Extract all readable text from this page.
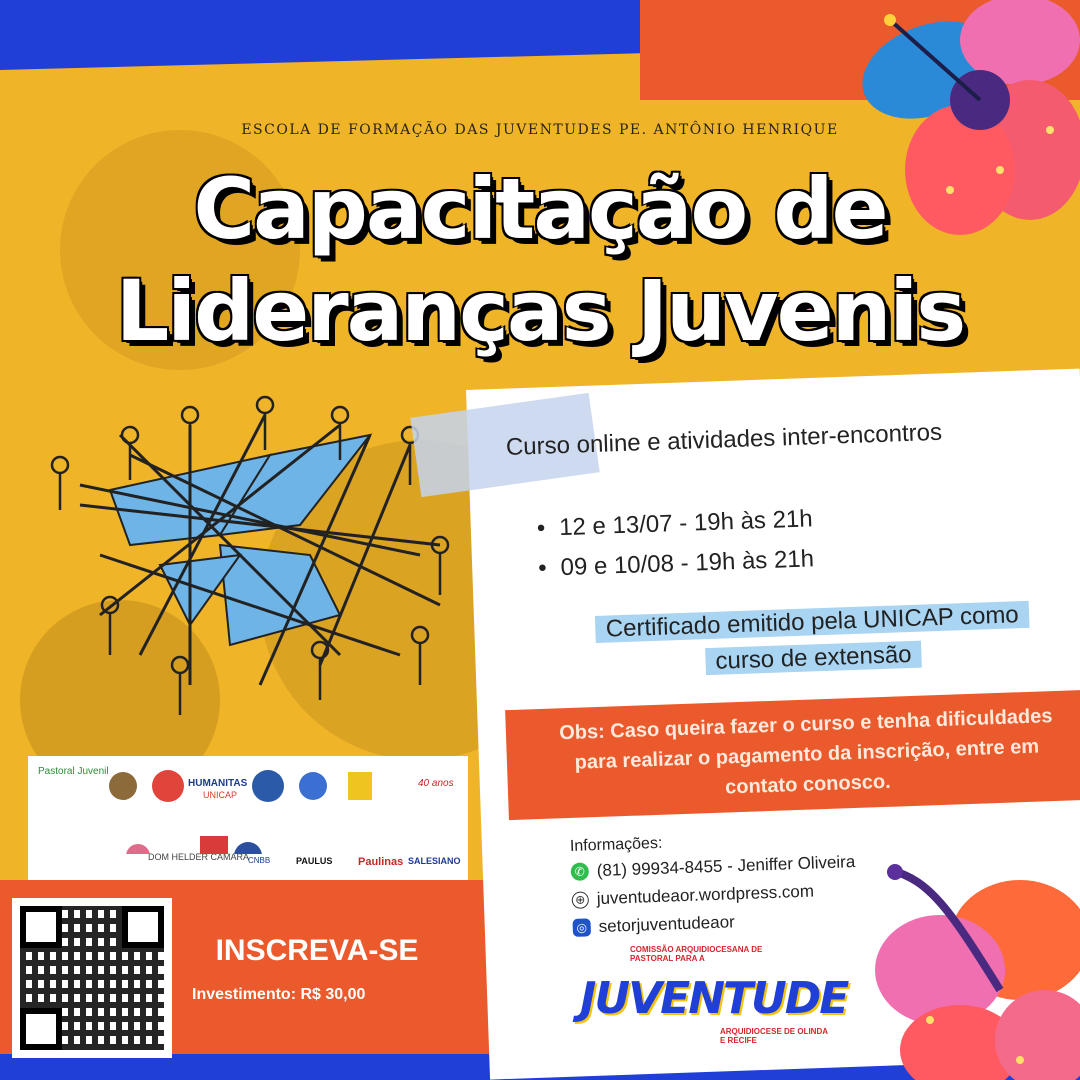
ESCOLA DE FORMAÇÃO DAS JUVENTUDES PE. ANTÔNIO HENRIQUE
Capacitação de
Lideranças Juvenis
Curso online e atividades inter-encontros
• 12 e 13/07 - 19h às 21h
• 09 e 10/08 - 19h às 21h
Certificado emitido pela UNICAP como
curso de extensão
Obs: Caso queira fazer o curso e tenha dificuldades para realizar o pagamento da inscrição, entre em contato conosco.
Informações:
✆ (81) 99934-8455 - Jeniffer Oliveira
⊕ juventudeaor.wordpress.com
◎ setorjuventudeaor
Pastoral Juvenil
HUMANITAS
UNICAP
40 anos
DOM HELDER CAMARA
CNBB	PAULUS Paulinas SALESIANO
INSCREVA-SE
Investimento: R$ 30,00
COMISSÃO ARQUIDIOCESANA DE PASTORAL PARA A
JUVENTUDE
ARQUIDIOCESE DE OLINDA E RECIFE
